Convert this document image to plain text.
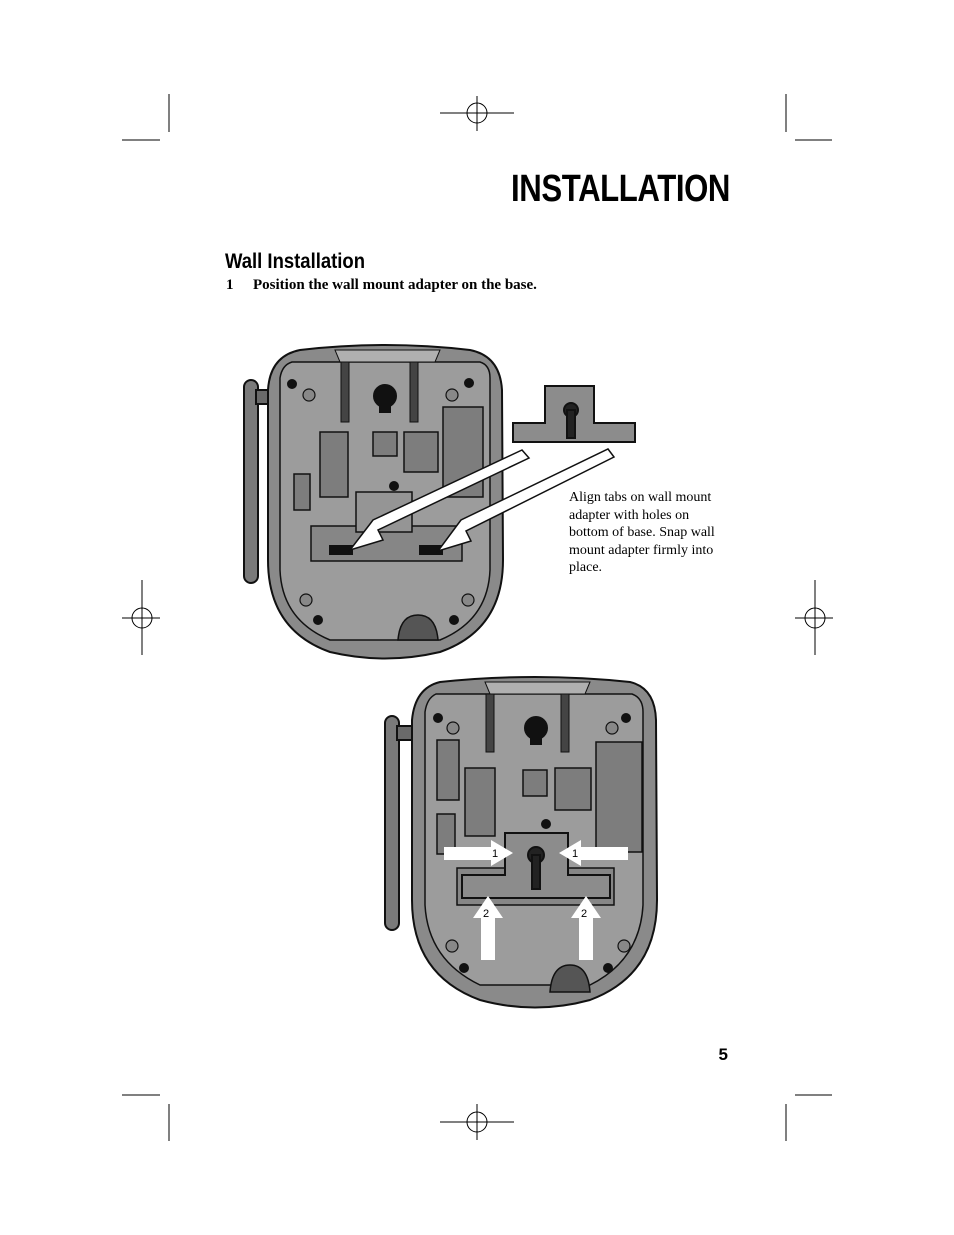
INSTALLATION
Wall Installation
1 Position the wall mount adapter on the base.
Align tabs on wall mount adapter with holes on bottom of base. Snap wall mount adapter firmly into place.
1	1
2	2
5
